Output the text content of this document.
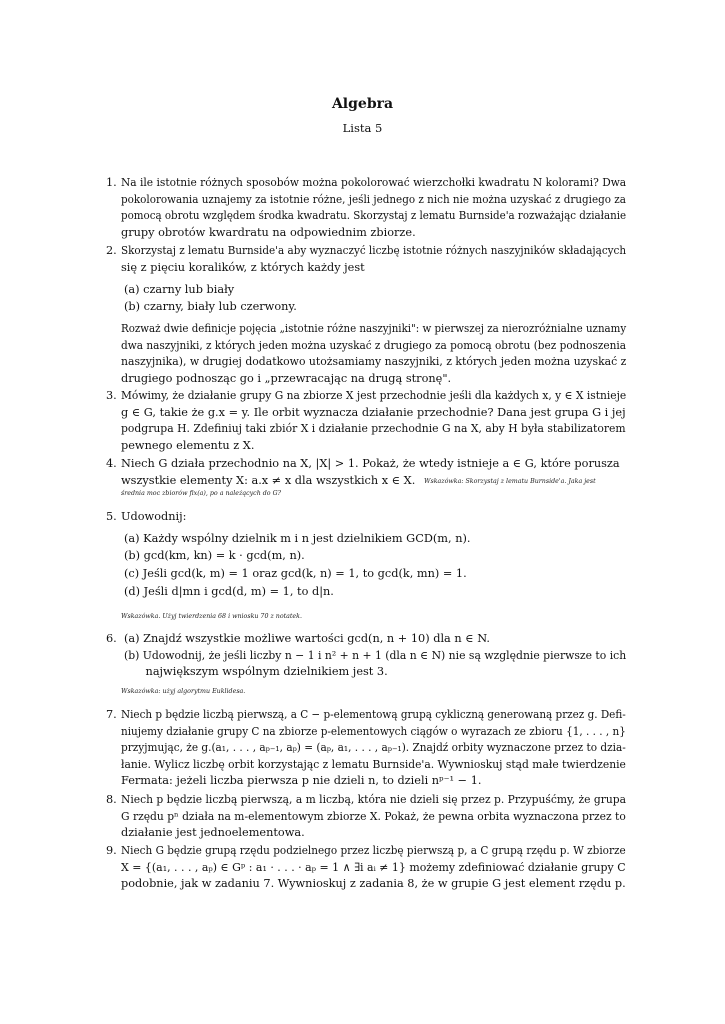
Algebra
Lista 5
1. Na ile istotnie różnych sposobów można pokolorować wierzchołki kwadratu N kolorami? Dwa
pokolorowania uznajemy za istotnie różne, jeśli jednego z nich nie można uzyskać z drugiego za
pomocą obrotu względem środka kwadratu. Skorzystaj z lematu Burnside'a rozważając działanie
grupy obrotów kwardratu na odpowiednim zbiorze.
2. Skorzystaj z lematu Burnside'a aby wyznaczyć liczbę istotnie różnych naszyjników składających
się z pięciu koralików, z których każdy jest
(a) czarny lub biały
(b) czarny, biały lub czerwony.
Rozważ dwie definicje pojęcia „istotnie różne naszyjniki": w pierwszej za nierozróżnialne uznamy
dwa naszyjniki, z których jeden można uzyskać z drugiego za pomocą obrotu (bez podnoszenia
naszyjnika), w drugiej dodatkowo utożsamiamy naszyjniki, z których jeden można uzyskać z
drugiego podnosząc go i „przewracając na drugą stronę".
3. Mówimy, że działanie grupy G na zbiorze X jest przechodnie jeśli dla każdych x, y ∈ X istnieje
g ∈ G, takie że g.x = y. Ile orbit wyznacza działanie przechodnie? Dana jest grupa G i jej
podgrupa H. Zdefiniuj taki zbiór X i działanie przechodnie G na X, aby H była stabilizatorem
pewnego elementu z X.
4. Niech G działa przechodnio na X, |X| > 1. Pokaż, że wtedy istnieje a ∈ G, które porusza
wszystkie elementy X: a.x ≠ x dla wszystkich x ∈ X.	Wskazówka: Skorzystaj z lematu Burnside'a. Jaka jest
średnia moc zbiorów fix(a), po a należących do G?
5. Udowodnij:
(a) Każdy wspólny dzielnik m i n jest dzielnikiem GCD(m, n).
(b) gcd(km, kn) = k · gcd(m, n).
(c) Jeśli gcd(k, m) = 1 oraz gcd(k, n) = 1, to gcd(k, mn) = 1.
(d) Jeśli d|mn i gcd(d, m) = 1, to d|n.
Wskazówka. Użyj twierdzenia 68 i wniosku 70 z notatek.
6. (a) Znajdź wszystkie możliwe wartości gcd(n, n + 10) dla n ∈ N.
(b) Udowodnij, że jeśli liczby n − 1 i n² + n + 1 (dla n ∈ N) nie są względnie pierwsze to ich
największym wspólnym dzielnikiem jest 3.
Wskazówka: użyj algorytmu Euklidesa.
7. Niech p będzie liczbą pierwszą, a C − p-elementową grupą cykliczną generowaną przez g. Defi-
niujemy działanie grupy C na zbiorze p-elementowych ciągów o wyrazach ze zbioru {1, . . . , n}
przyjmując, że g.(a₁, . . . , aₚ₋₁, aₚ) = (aₚ, a₁, . . . , aₚ₋₁). Znajdź orbity wyznaczone przez to dzia-
łanie. Wylicz liczbę orbit korzystając z lematu Burnside'a. Wywnioskuj stąd małe twierdzenie
Fermata: jeżeli liczba pierwsza p nie dzieli n, to dzieli nᵖ⁻¹ − 1.
8. Niech p będzie liczbą pierwszą, a m liczbą, która nie dzieli się przez p. Przypuśćmy, że grupa
G rzędu pⁿ działa na m-elementowym zbiorze X. Pokaż, że pewna orbita wyznaczona przez to
działanie jest jednoelementowa.
9. Niech G będzie grupą rzędu podzielnego przez liczbę pierwszą p, a C grupą rzędu p. W zbiorze
X = {(a₁, . . . , aₚ) ∈ Gᵖ : a₁ · . . . · aₚ = 1 ∧ ∃i aᵢ ≠ 1} możemy zdefiniować działanie grupy C
podobnie, jak w zadaniu 7. Wywnioskuj z zadania 8, że w grupie G jest element rzędu p.
